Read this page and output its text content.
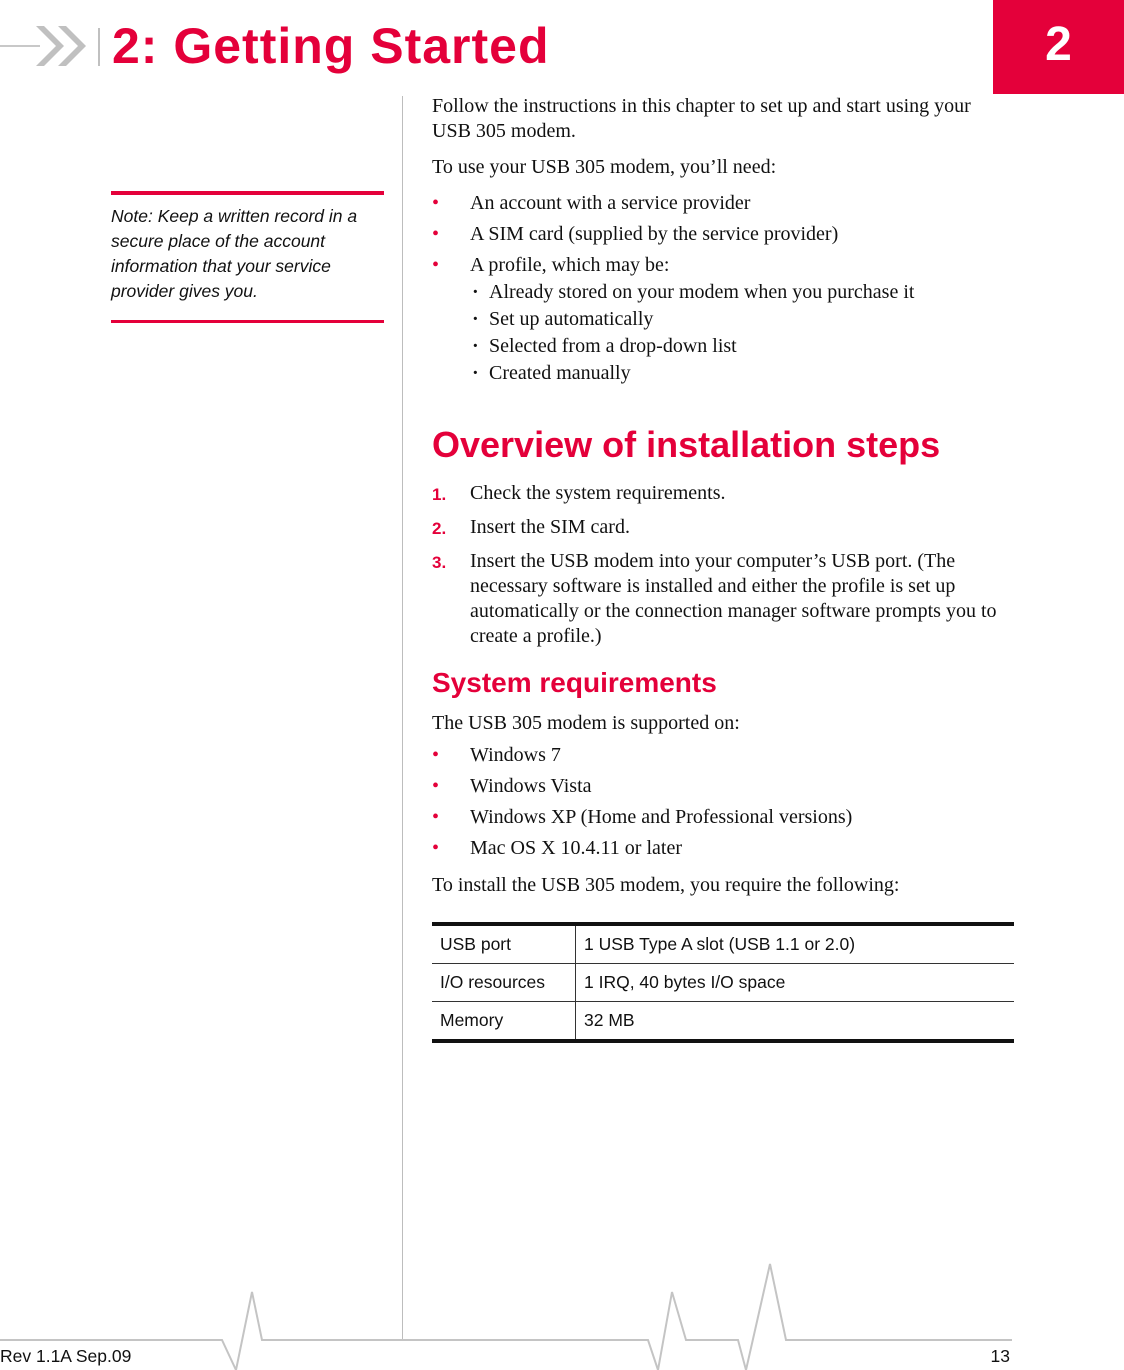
2: Getting Started	2
Note: Keep a written record in a secure place of the account information that your service provider gives you.

Follow the instructions in this chapter to set up and start using your USB 305 modem.

To use your USB 305 modem, you’ll need:

• An account with a service provider
• A SIM card (supplied by the service provider)
• A profile, which may be:
· Already stored on your modem when you purchase it
· Set up automatically
· Selected from a drop-down list
· Created manually
Overview of installation steps
1. Check the system requirements.
2. Insert the SIM card.
3. Insert the USB modem into your computer’s USB port. (The necessary software is installed and either the profile is set up automatically or the connection manager software prompts you to create a profile.)
System requirements

The USB 305 modem is supported on:

• Windows 7
• Windows Vista
• Windows XP (Home and Professional versions)
• Mac OS X 10.4.11 or later

To install the USB 305 modem, you require the following:

USB port	1 USB Type A slot (USB 1.1 or 2.0)
I/O resources	1 IRQ, 40 bytes I/O space
Memory	32 MB
Rev 1.1A Sep.09	13
